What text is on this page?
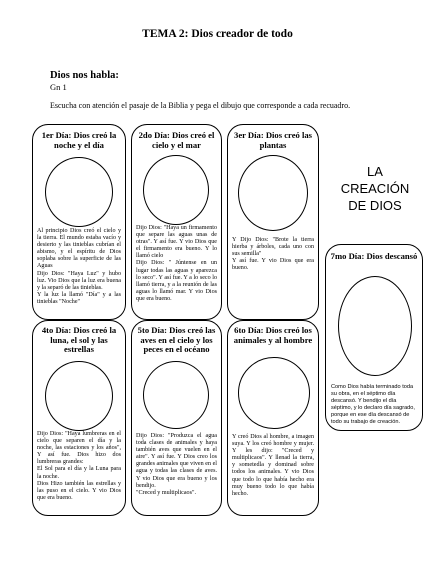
TEMA 2: Dios creador de todo
Dios nos habla:
Gn 1
Escucha con atención el pasaje de la Biblia y pega el dibujo que corresponde a cada recuadro.
1er Día: Dios creó la noche y el día
Al principio Dios creó el cielo y la tierra. El mundo estaba vacío y desierto y las tinieblas cubrían el abismo, y el espíritu de Dios soplaba sobre la superficie de las Aguas
Dijo Dios: "Haya Luz" y hubo luz. Vio Dios que la luz era buena y la separó de las tinieblas.
Y la luz la llamó "Día" y a las tinieblas "Noche"
2do Día: Dios creó el cielo y el mar
Dijo Dios: "Haya un firmamento que separe las aguas unas de otras". Y así fue. Y vio Dios que el firmamento era bueno. Y lo llamó cielo
Dijo Dios: " Júntense en un lugar todas las aguas y aparezca lo seco". Y así fue. Y a lo seco lo llamó tierra, y a la reunión de las aguas lo llamó mar. Y vio Dios que era bueno.
3er Día: Dios creó las plantas
Y Dijo Dios: "Brote la tierra hierba y árboles, cada uno con sus semilla"
Y así fue. Y vio Dios que era bueno.
LA
CREACIÓN
DE DIOS
4to Día: Dios creó la luna, el sol y las estrellas
Dijo Dios: "Haya lumbreras en el cielo que separen el día y la noche, las estaciones y los años", Y así fue. Dios hizo dos lumbreras grandes:
El Sol para el día y la Luna para la noche.
Dios Hizo también las estrellas y las puso en el cielo. Y vio Dios que era bueno.
5to Día: Dios creó las aves en el cielo y los peces en el océano
Dijo Dios: "Produzca el agua toda clases de animales y haya también aves que vuelen en el aire". Y así fue. Y Dios creo los grandes animales que viven en el agua y todas las clases de aves. Y vio Dios que era bueno y los bendijo.
"Creced y multiplicaos".
6to Día: Dios creó los animales y al hombre
Y creó Dios al hombre, a imagen suya. Y los creó hombre y mujer. Y les dijo: "Creced y multiplicaos". Y llenad la tierra, y sometedla y dominad sobre todos los animales. Y vio Dios que todo lo que había hecho era muy bueno todo lo que había hecho.
7mo Día: Dios descansó
Como Dios había terminado toda su obra, en el séptimo día descansó. Y bendijo el día séptimo, y lo declaro día sagrado, porque en ese día descansó de todo su trabajo de creación.
